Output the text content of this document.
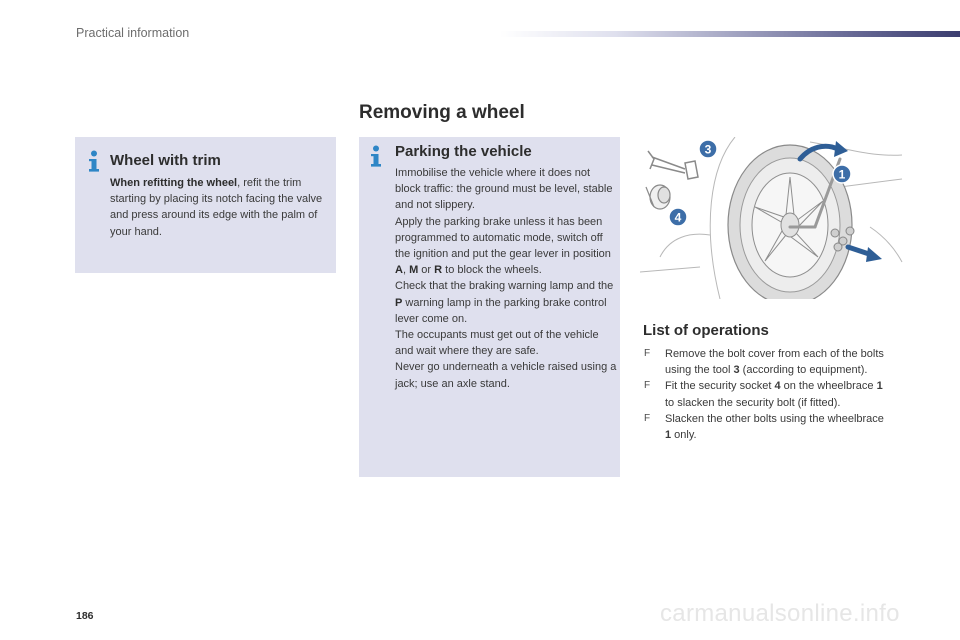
Practical information
Removing a wheel
Wheel with trim
When refitting the wheel, refit the trim starting by placing its notch facing the valve and press around its edge with the palm of your hand.
Parking the vehicle
Immobilise the vehicle where it does not block traffic: the ground must be level, stable and not slippery.
Apply the parking brake unless it has been programmed to automatic mode, switch off the ignition and put the gear lever in position A, M or R to block the wheels.
Check that the braking warning lamp and the P warning lamp in the parking brake control lever come on.
The occupants must get out of the vehicle and wait where they are safe.
Never go underneath a vehicle raised using a jack; use an axle stand.
1
3
4
List of operations
F Remove the bolt cover from each of the bolts using the tool 3 (according to equipment).
F Fit the security socket 4 on the wheelbrace 1 to slacken the security bolt (if fitted).
F Slacken the other bolts using the wheelbrace 1 only.
186	carmanualsonline.info
